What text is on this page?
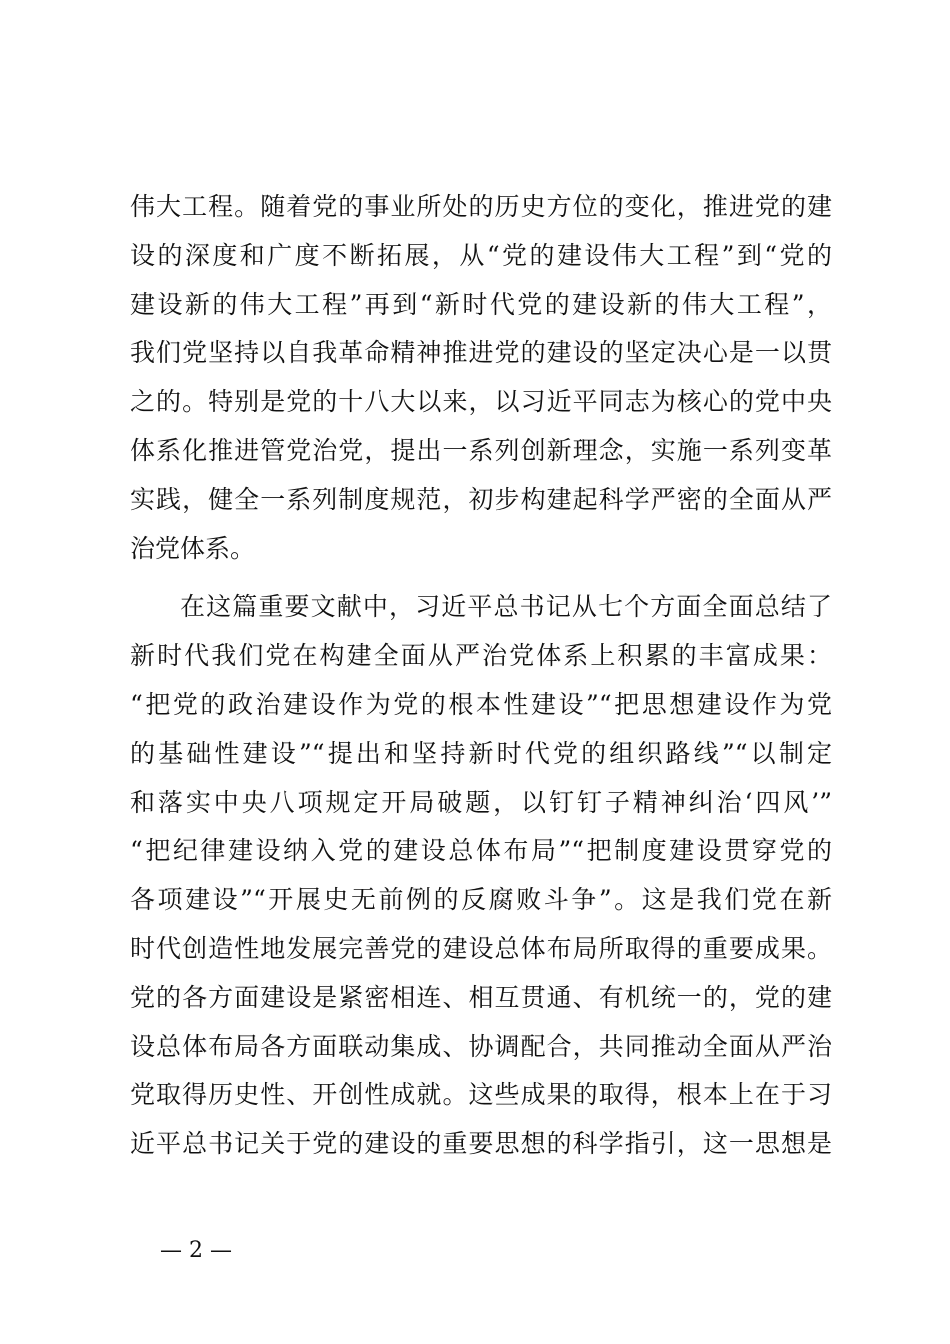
伟大工程。随着党的事业所处的历史方位的变化，推进党的建
设的深度和广度不断拓展，从“党的建设伟大工程”到“党的
建设新的伟大工程”再到“新时代党的建设新的伟大工程”，
我们党坚持以自我革命精神推进党的建设的坚定决心是一以贯
之的。特别是党的十八大以来，以习近平同志为核心的党中央
体系化推进管党治党，提出一系列创新理念，实施一系列变革
实践，健全一系列制度规范，初步构建起科学严密的全面从严
治党体系。
在这篇重要文献中，习近平总书记从七个方面全面总结了
新时代我们党在构建全面从严治党体系上积累的丰富成果：
“把党的政治建设作为党的根本性建设”“把思想建设作为党
的基础性建设”“提出和坚持新时代党的组织路线”“以制定
和落实中央八项规定开局破题，以钉钉子精神纠治‘四风’”
“把纪律建设纳入党的建设总体布局”“把制度建设贯穿党的
各项建设”“开展史无前例的反腐败斗争”。这是我们党在新
时代创造性地发展完善党的建设总体布局所取得的重要成果。
党的各方面建设是紧密相连、相互贯通、有机统一的，党的建
设总体布局各方面联动集成、协调配合，共同推动全面从严治
党取得历史性、开创性成就。这些成果的取得，根本上在于习
近平总书记关于党的建设的重要思想的科学指引，这一思想是
— 2 —
